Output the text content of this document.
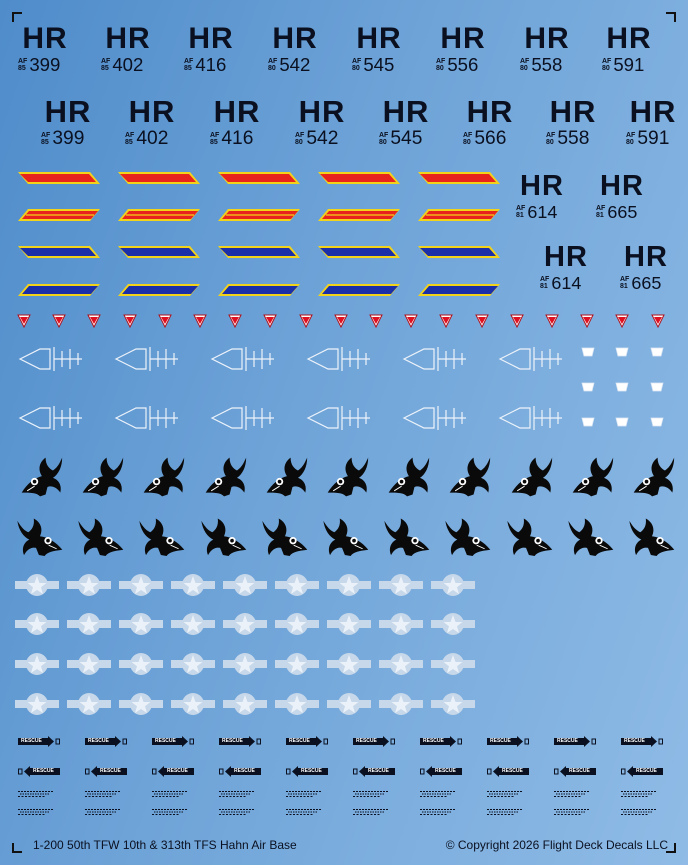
HR
AF
85 399
HR
AF
85 402
HR
AF
85 416
HR
AF
80 542
HR
AF
80 545
HR
AF
80 556
HR
AF
80 558
HR
AF
80 591
HR
AF
85 399
HR
AF
85 402
HR
AF
85 416
HR
AF
80 542
HR
AF
80 545
HR
AF
80 566
HR
AF
80 558
HR
AF
80 591
HR
AF
81 614
HR
AF
81 665
HR
AF
81 614
HR
AF
81 665
RESCUE	RESCUE	RESCUE	RESCUE	RESCUE	RESCUE	RESCUE	RESCUE	RESCUE	RESCUE
RESCUE	RESCUE	RESCUE	RESCUE	RESCUE	RESCUE	RESCUE	RESCUE	RESCUE	RESCUE
1-200 50th TFW 10th & 313th TFS Hahn Air Base	© Copyright 2026 Flight Deck Decals LLC
